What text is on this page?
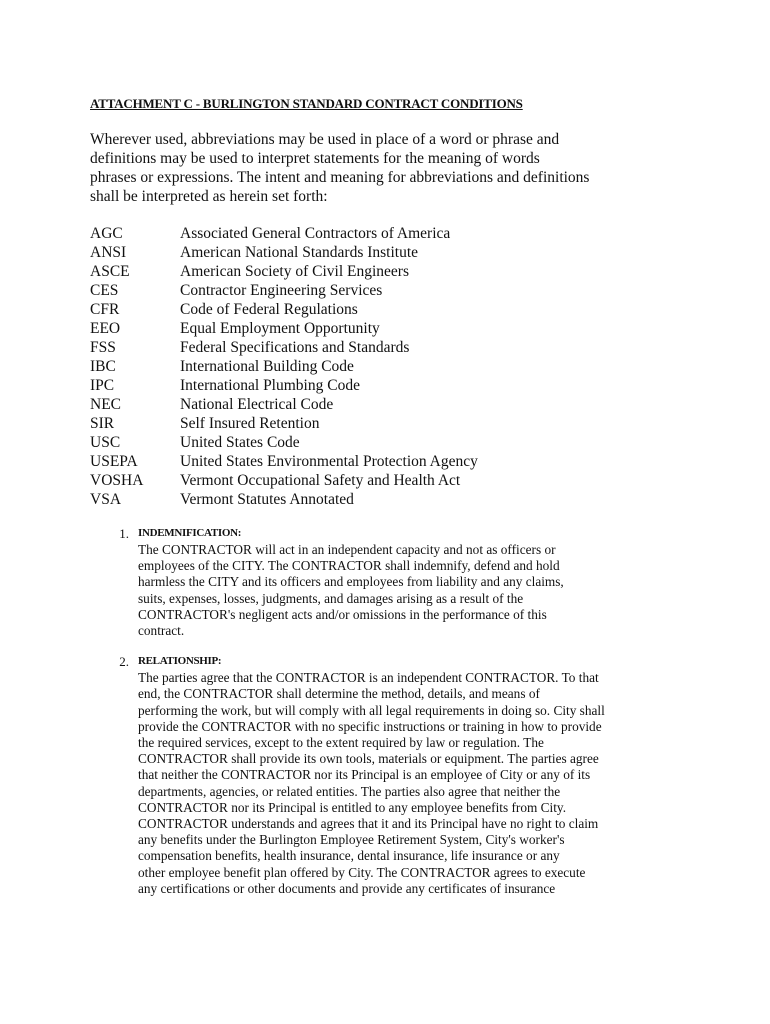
ATTACHMENT C - BURLINGTON STANDARD CONTRACT CONDITIONS
Wherever used, abbreviations may be used in place of a word or phrase and
definitions may be used to interpret statements for the meaning of words
phrases or expressions. The intent and meaning for abbreviations and definitions
shall be interpreted as herein set forth:
AGC	Associated General Contractors of America
ANSI	American National Standards Institute
ASCE	American Society of Civil Engineers
CES	Contractor Engineering Services
CFR	Code of Federal Regulations
EEO	Equal Employment Opportunity
FSS	Federal Specifications and Standards
IBC	International Building Code
IPC	International Plumbing Code
NEC	National Electrical Code
SIR	Self Insured Retention
USC	United States Code
USEPA	United States Environmental Protection Agency
VOSHA	Vermont Occupational Safety and Health Act
VSA	Vermont Statutes Annotated
1. INDEMNIFICATION:
The CONTRACTOR will act in an independent capacity and not as officers or
employees of the CITY. The CONTRACTOR shall indemnify, defend and hold
harmless the CITY and its officers and employees from liability and any claims,
suits, expenses, losses, judgments, and damages arising as a result of the
CONTRACTOR's negligent acts and/or omissions in the performance of this
contract.
2. RELATIONSHIP:
The parties agree that the CONTRACTOR is an independent CONTRACTOR. To that
end, the CONTRACTOR shall determine the method, details, and means of
performing the work, but will comply with all legal requirements in doing so. City shall
provide the CONTRACTOR with no specific instructions or training in how to provide
the required services, except to the extent required by law or regulation. The
CONTRACTOR shall provide its own tools, materials or equipment. The parties agree
that neither the CONTRACTOR nor its Principal is an employee of City or any of its
departments, agencies, or related entities. The parties also agree that neither the
CONTRACTOR nor its Principal is entitled to any employee benefits from City.
CONTRACTOR understands and agrees that it and its Principal have no right to claim
any benefits under the Burlington Employee Retirement System, City's worker's
compensation benefits, health insurance, dental insurance, life insurance or any
other employee benefit plan offered by City. The CONTRACTOR agrees to execute
any certifications or other documents and provide any certificates of insurance
